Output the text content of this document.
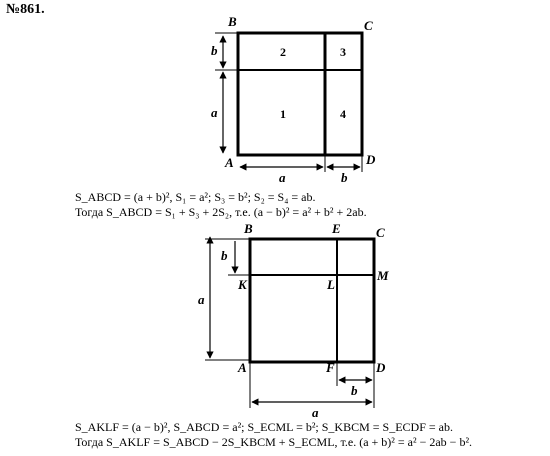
№861.
B	C
A	D
2	3
1	4
b
a
a	b
B	E	C
K	L
M
A	F	D
b
a
b
a
S_ABCD = (a + b)², S₁ = a²; S₃ = b²; S₂ = S₄ = ab.
Тогда S_ABCD = S₁ + S₃ + 2S₂, т.е. (a − b)² = a² + b² + 2ab.
S_AKLF = (a − b)², S_ABCD = a²; S_ECML = b²; S_KBCM = S_ECDF = ab.
Тогда S_AKLF = S_ABCD − 2S_KBCM + S_ECML, т.е. (a + b)² = a² − 2ab − b².
